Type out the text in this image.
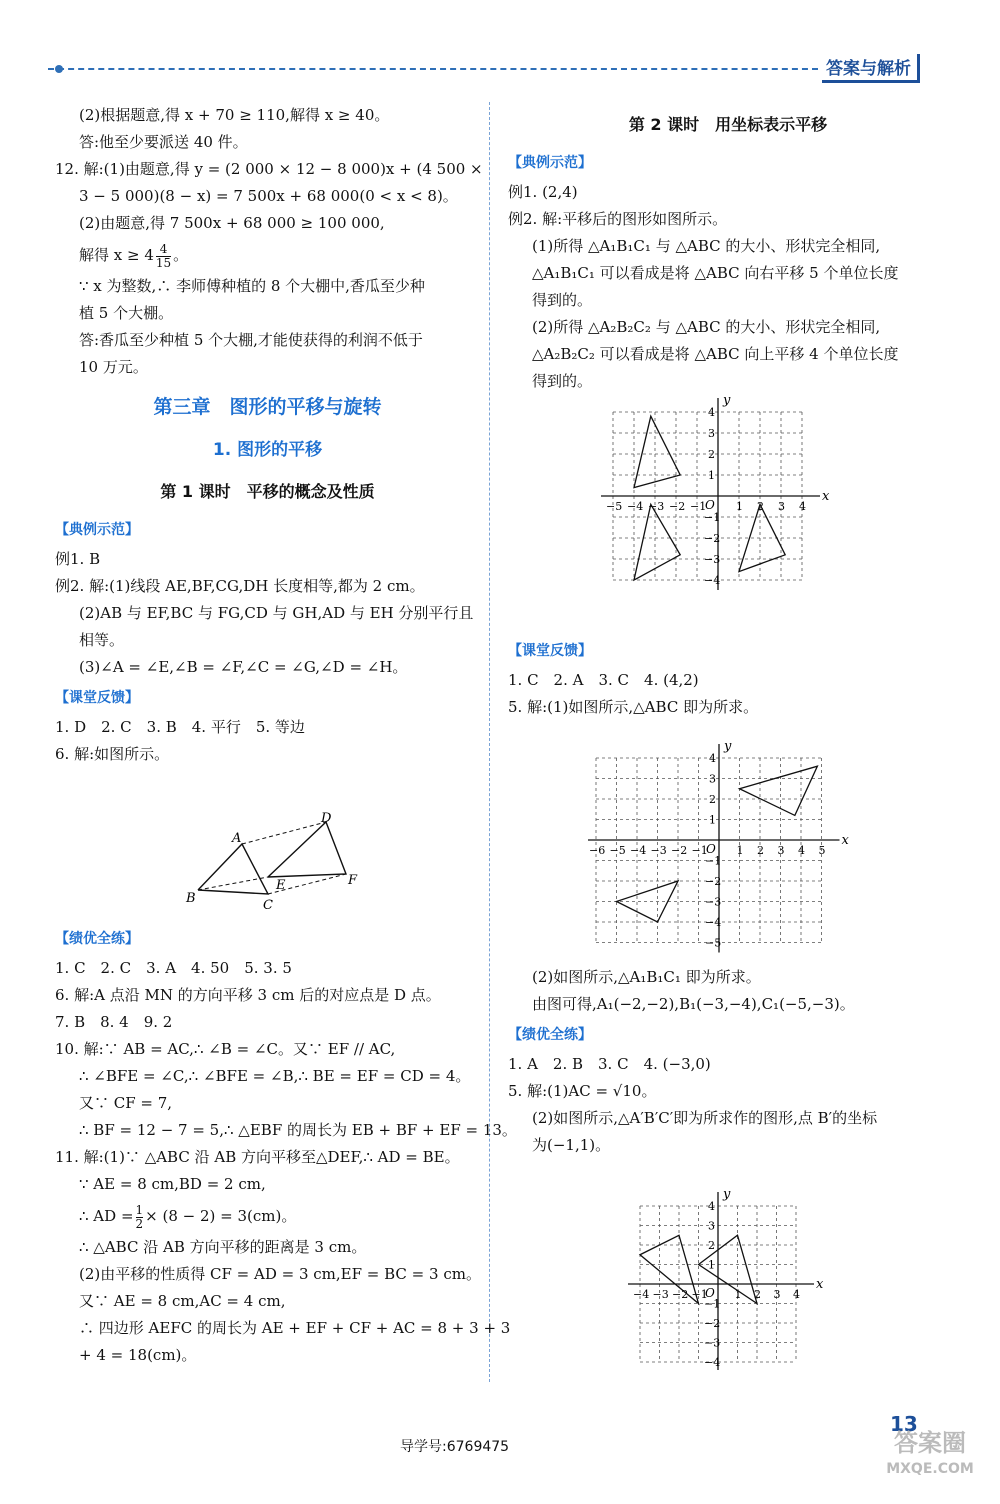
答案与解析

(2)根据题意,得 x + 70 ≥ 110,解得 x ≥ 40。

答:他至少要派送 40 件。

12. 解:(1)由题意,得 y = (2 000 × 12 − 8 000)x + (4 500 ×

3 − 5 000)(8 − x) = 7 500x + 68 000(0 < x < 8)。

(2)由题意,得 7 500x + 68 000 ≥ 100 000,

解得 $x \ge 4 \frac{4}{15}$ 。

∵ x 为整数,∴ 李师傅种植的 8 个大棚中,香瓜至少种

植 5 个大棚。

答:香瓜至少种植 5 个大棚,才能使获得的利润不低于

10 万元。

第三章　图形的平移与旋转
1. 图形的平移
第 1 课时　平移的概念及性质
【典例示范】

例1. B

例2. 解:(1)线段 AE,BF,CG,DH 长度相等,都为 2 cm。

(2)AB 与 EF,BC 与 FG,CD 与 GH,AD 与 EH 分别平行且

相等。

(3)∠A = ∠E,∠B = ∠F,∠C = ∠G,∠D = ∠H。

【课堂反馈】

1. D　2. C　3. B　4. 平行　5. 等边

6. 解:如图所示。

A
B	C
D
E	F
【绩优全练】

1. C　2. C　3. A　4. 50　5. 3. 5

6. 解:A 点沿 MN 的方向平移 3 cm 后的对应点是 D 点。

7. B　8. 4　9. 2

10. 解:∵ AB = AC,∴ ∠B = ∠C。又∵ EF // AC,

∴ ∠BFE = ∠C,∴ ∠BFE = ∠B,∴ BE = EF = CD = 4。

又∵ CF = 7,

∴ BF = 12 − 7 = 5,∴ △EBF 的周长为 EB + BF + EF = 13。

11. 解:(1)∵ △ABC 沿 AB 方向平移至△DEF,∴ AD = BE。

∵ AE = 8 cm,BD = 2 cm,

∴ AD = $\frac{1}{2} \times (8 - 2) = 3(cm)$。

∴ △ABC 沿 AB 方向平移的距离是 3 cm。

(2)由平移的性质得 CF = AD = 3 cm,EF = BC = 3 cm。

又∵ AE = 8 cm,AC = 4 cm,

∴ 四边形 AEFC 的周长为 AE + EF + CF + AC = 8 + 3 + 3

+ 4 = 18(cm)。

第 2 课时　用坐标表示平移
【典例示范】

例1. (2,4)

例2. 解:平移后的图形如图所示。

(1)所得 △A₁B₁C₁ 与 △ABC 的大小、形状完全相同,

△A₁B₁C₁ 可以看成是将 △ABC 向右平移 5 个单位长度

得到的。

(2)所得 △A₂B₂C₂ 与 △ABC 的大小、形状完全相同,

△A₂B₂C₂ 可以看成是将 △ABC 向上平移 4 个单位长度

得到的。

x
y
O
−5 −4 −3 −2 −1	1 2 3 4
−4
−3
−2
−1
1
2
3
4
【课堂反馈】

1. C　2. A　3. C　4. (4,2)

5. 解:(1)如图所示,△ABC 即为所求。

x
y
O
−6 −5 −4 −3 −2 −1	1 2 3 4 5
−5
−4
−3
−2
−1
1
2
3
4

(2)如图所示,△A₁B₁C₁ 即为所求。

由图可得,A₁(−2,−2),B₁(−3,−4),C₁(−5,−3)。

【绩优全练】

1. A　2. B　3. C　4. (−3,0)

5. 解:(1)AC = √10。

(2)如图所示,△A′B′C′即为所求作的图形,点 B′的坐标

为(−1,1)。

x
y
O
−4 −3 −2 −1 1 2 3 4
−4
−3
−2
−1
1
2
3
4
导学号:6769475
13
答案圈
MXQE.COM
